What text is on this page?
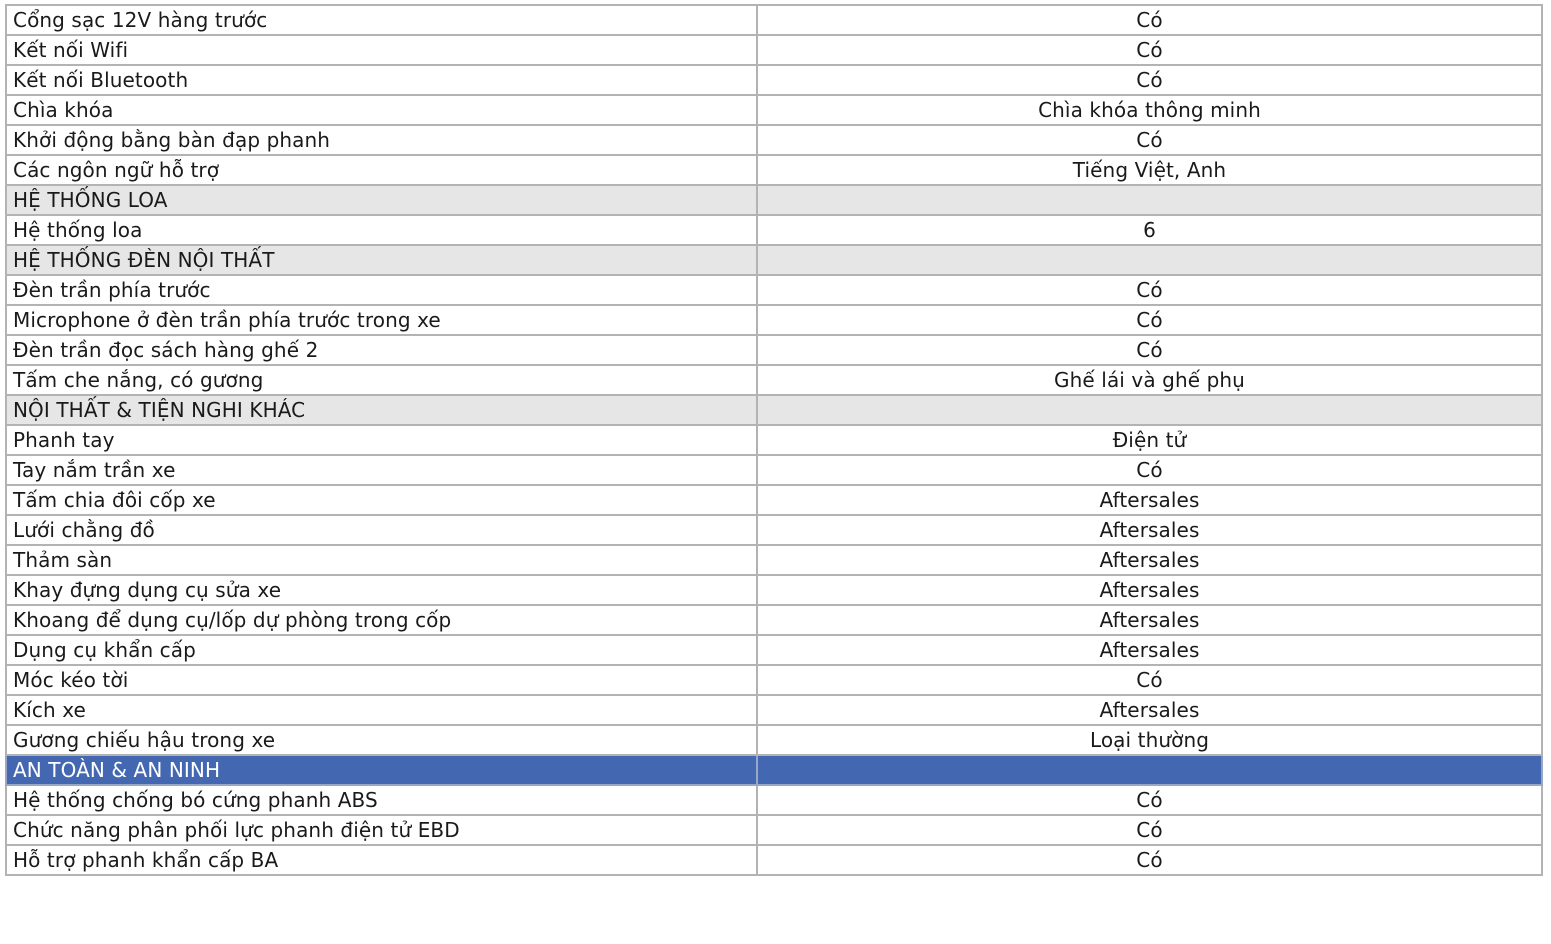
Cổng sạc 12V hàng trước	Có
Kết nối Wifi	Có
Kết nối Bluetooth	Có
Chìa khóa	Chìa khóa thông minh
Khởi động bằng bàn đạp phanh	Có
Các ngôn ngữ hỗ trợ	Tiếng Việt, Anh
HỆ THỐNG LOA	
Hệ thống loa	6
HỆ THỐNG ĐÈN NỘI THẤT	
Đèn trần phía trước	Có
Microphone ở đèn trần phía trước trong xe	Có
Đèn trần đọc sách hàng ghế 2	Có
Tấm che nắng, có gương	Ghế lái và ghế phụ
NỘI THẤT & TIỆN NGHI KHÁC	
Phanh tay	Điện tử
Tay nắm trần xe	Có
Tấm chia đôi cốp xe	Aftersales
Lưới chằng đồ	Aftersales
Thảm sàn	Aftersales
Khay đựng dụng cụ sửa xe	Aftersales
Khoang để dụng cụ/lốp dự phòng trong cốp	Aftersales
Dụng cụ khẩn cấp	Aftersales
Móc kéo tời	Có
Kích xe	Aftersales
Gương chiếu hậu trong xe	Loại thường
AN TOÀN & AN NINH	
Hệ thống chống bó cứng phanh ABS	Có
Chức năng phân phối lực phanh điện tử EBD	Có
Hỗ trợ phanh khẩn cấp BA	Có
